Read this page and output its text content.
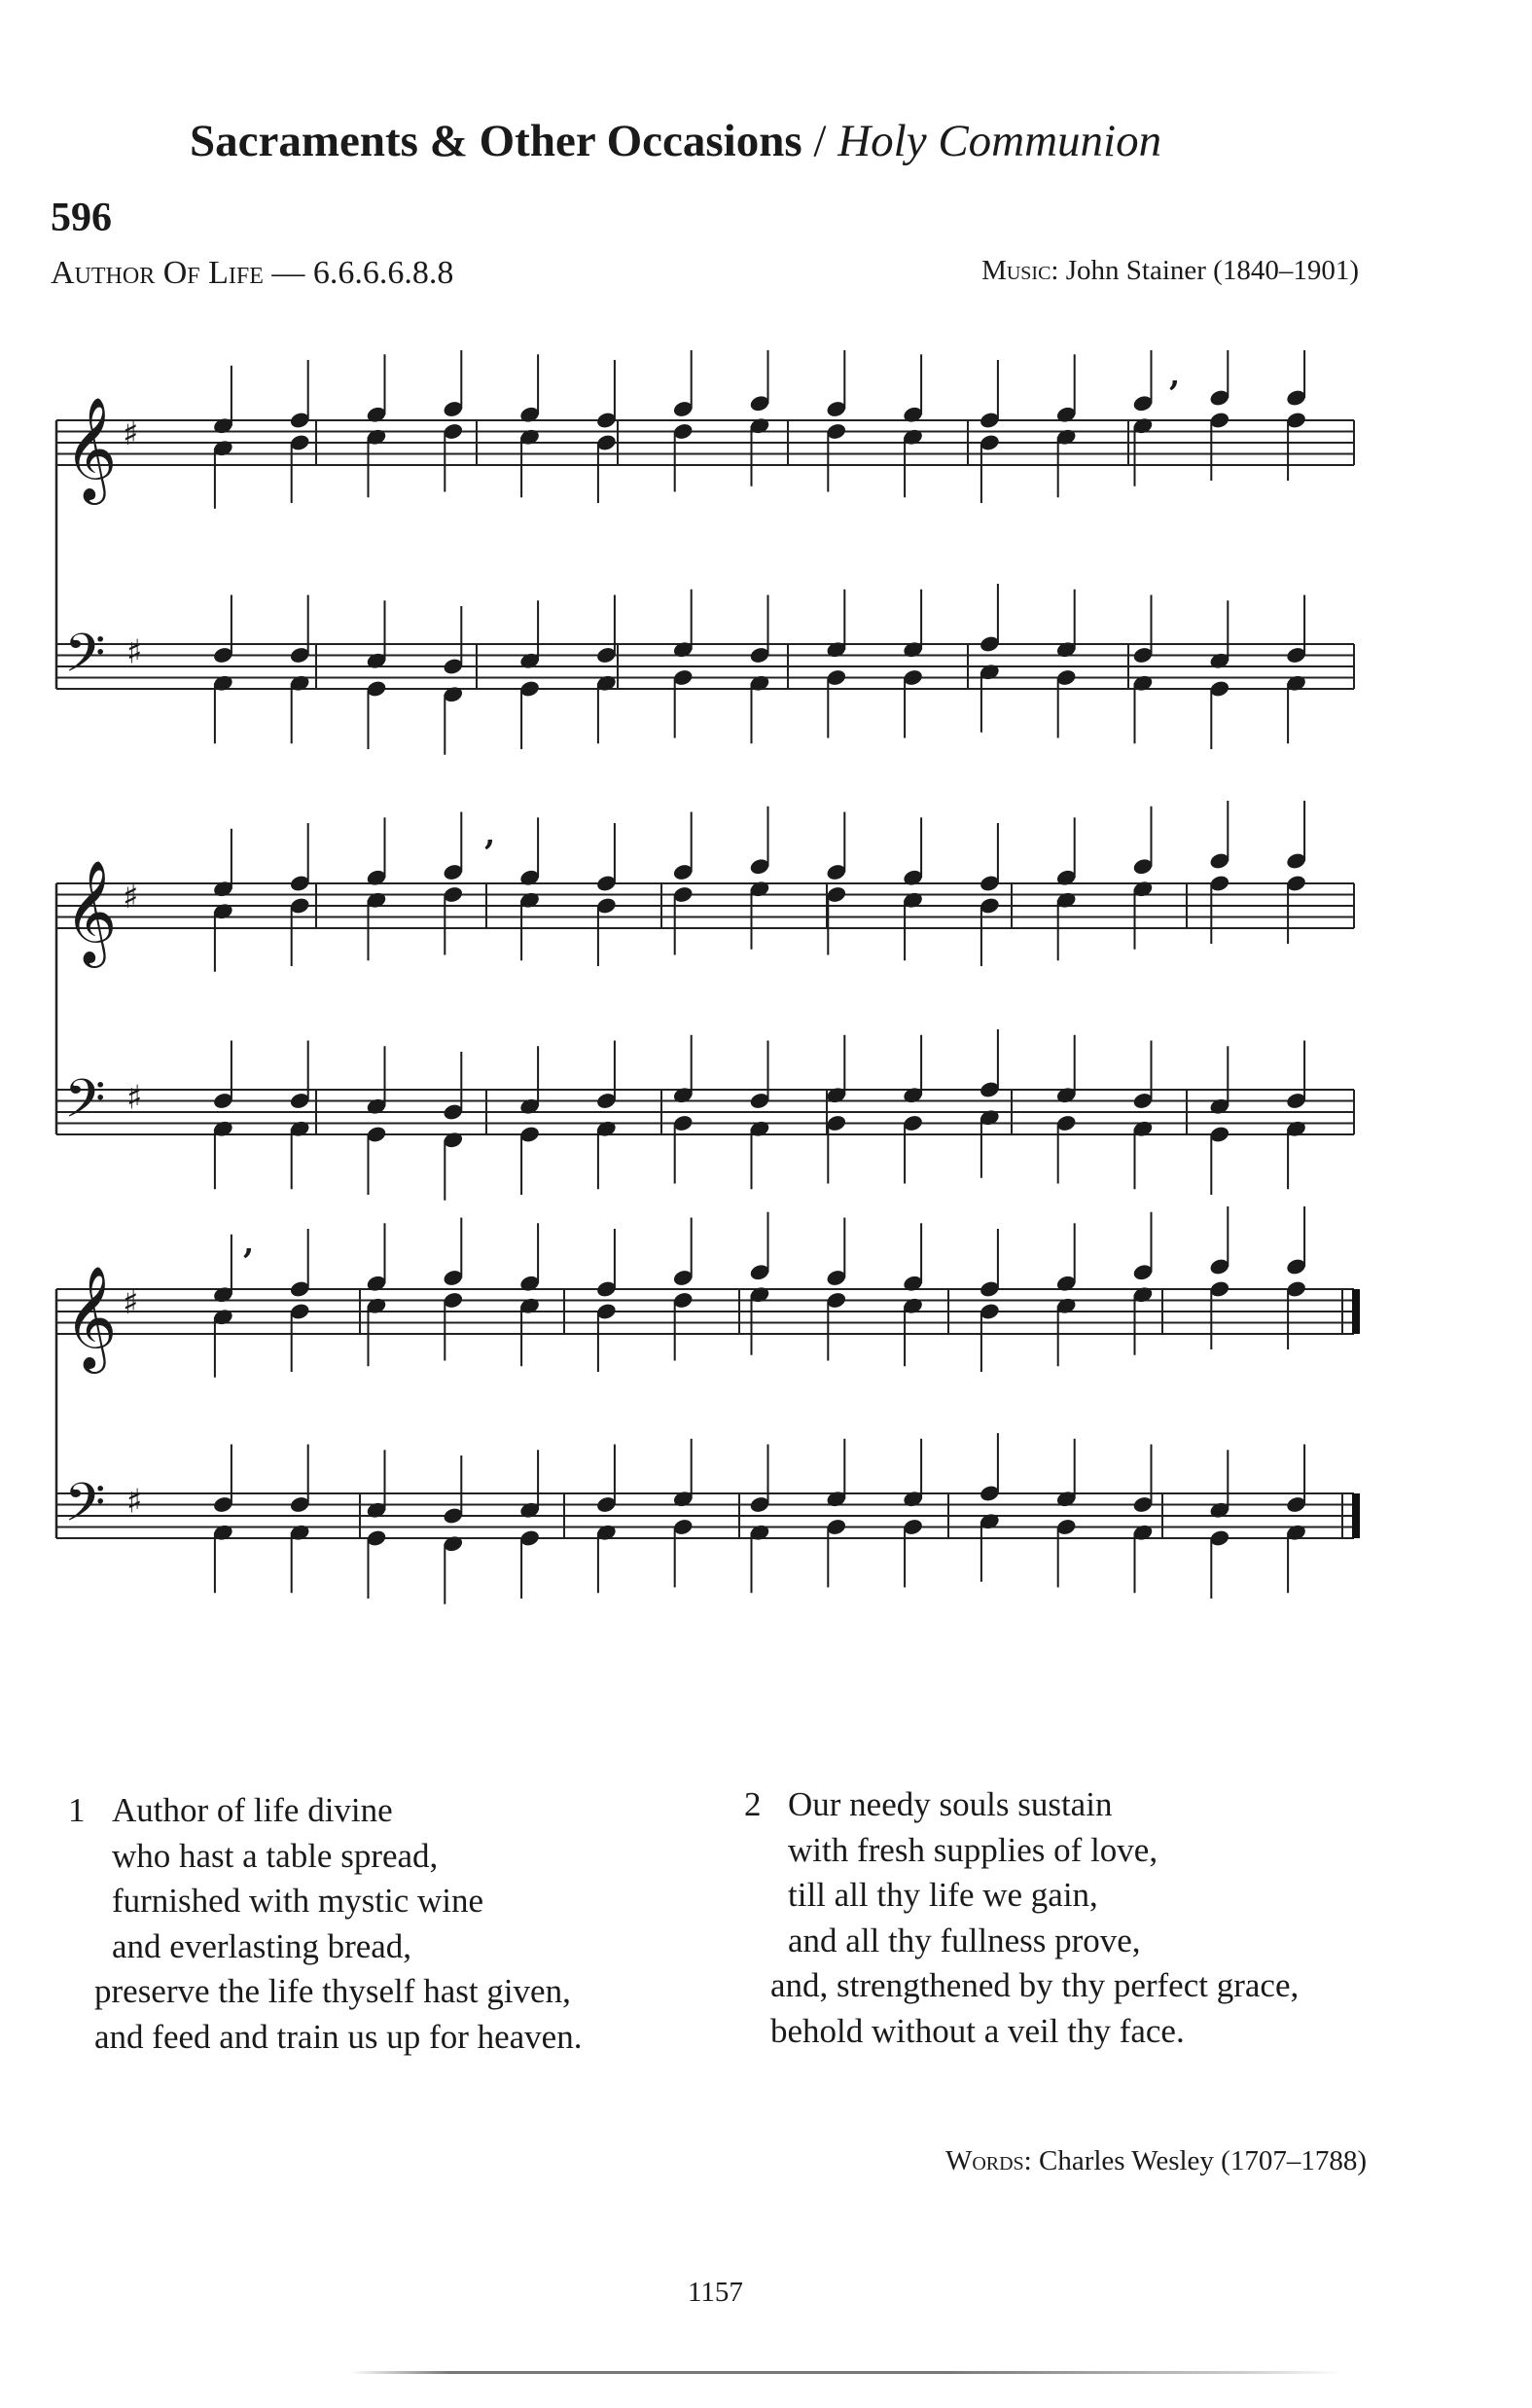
Sacraments & Other Occasions / Holy Communion
596
Author Of Life — 6.6.6.6.8.8	Music: John Stainer (1840–1901)
𝄞 ♯
𝄢 ♯
𝄞 ♯
𝄢 ♯
𝄞 ♯
𝄢 ♯
,
,
,
1 Author of life divine
who hast a table spread,
furnished with mystic wine
and everlasting bread,
preserve the life thyself hast given,
and feed and train us up for heaven.
2 Our needy souls sustain
with fresh supplies of love,
till all thy life we gain,
and all thy fullness prove,
and, strengthened by thy perfect grace,
behold without a veil thy face.
Words: Charles Wesley (1707–1788)
1157
